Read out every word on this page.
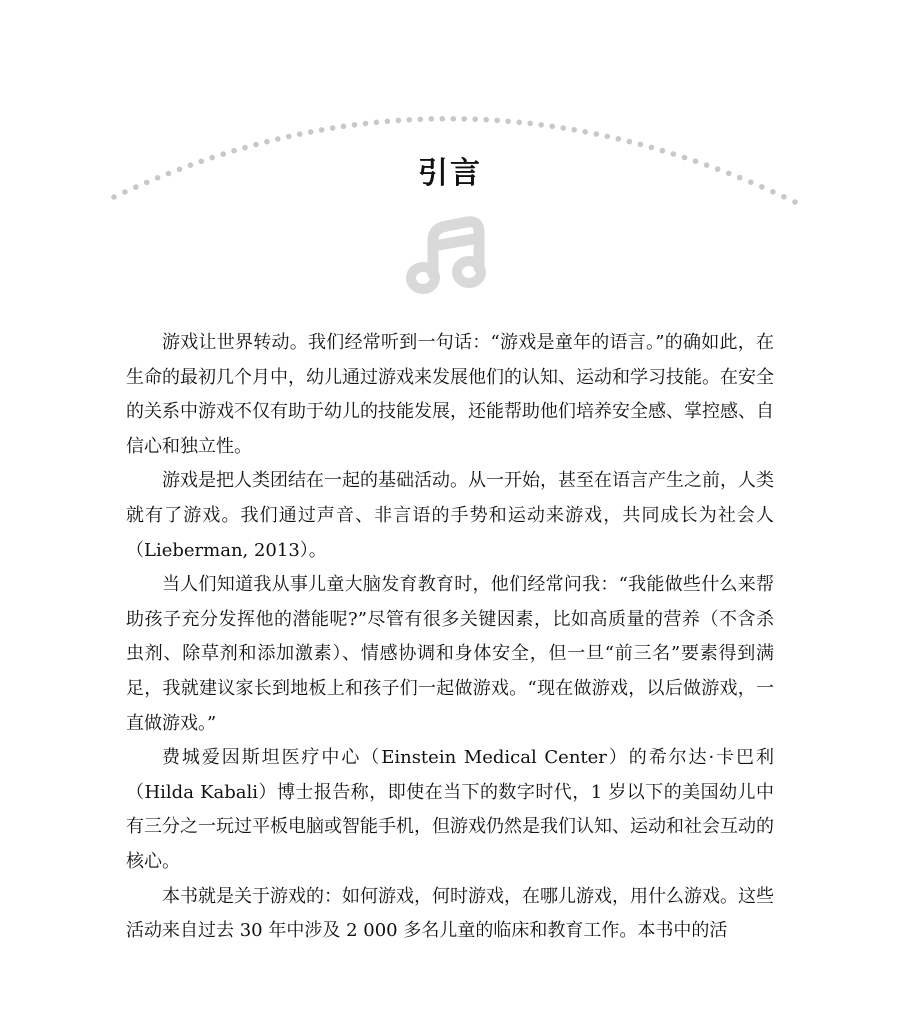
引言

游戏让世界转动。我们经常听到一句话：“游戏是童年的语言。”的确如此，在生命的最初几个月中，幼儿通过游戏来发展他们的认知、运动和学习技能。在安全的关系中游戏不仅有助于幼儿的技能发展，还能帮助他们培养安全感、掌控感、自信心和独立性。

游戏是把人类团结在一起的基础活动。从一开始，甚至在语言产生之前，人类就有了游戏。我们通过声音、非言语的手势和运动来游戏，共同成长为社会人（Lieberman, 2013）。

当人们知道我从事儿童大脑发育教育时，他们经常问我：“我能做些什么来帮助孩子充分发挥他的潜能呢?”尽管有很多关键因素，比如高质量的营养（不含杀虫剂、除草剂和添加激素）、情感协调和身体安全，但一旦“前三名”要素得到满足，我就建议家长到地板上和孩子们一起做游戏。“现在做游戏，以后做游戏，一直做游戏。”

费城爱因斯坦医疗中心（Einstein Medical Center）的希尔达·卡巴利（Hilda Kabali）博士报告称，即使在当下的数字时代，1 岁以下的美国幼儿中有三分之一玩过平板电脑或智能手机，但游戏仍然是我们认知、运动和社会互动的核心。

本书就是关于游戏的：如何游戏，何时游戏，在哪儿游戏，用什么游戏。这些活动来自过去 30 年中涉及 2 000 多名儿童的临床和教育工作。本书中的活
